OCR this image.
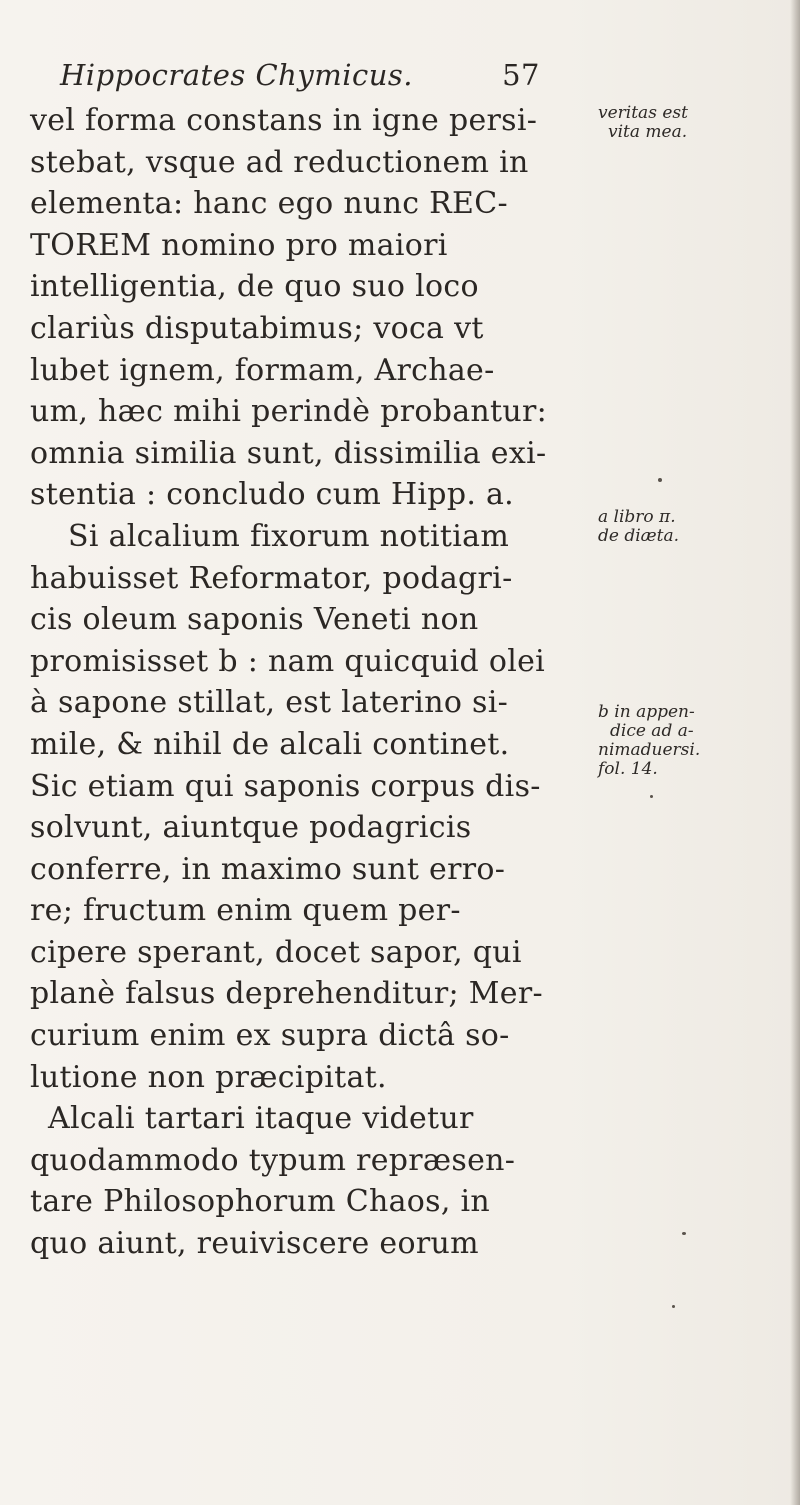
Hippocrates Chymicus.	57
vel forma constans in igne persi-
stebat, vsque ad reductionem in
elementa: hanc ego nunc REC-
TOREM nomino pro maiori
intelligentia, de quo suo loco
clariùs disputabimus; voca vt
lubet ignem, formam, Archae-
um, hæc mihi perindè probantur:
omnia similia sunt, dissimilia exi-
stentia : concludo cum Hipp. a.
Si alcalium fixorum notitiam
habuisset Reformator, podagri-
cis oleum saponis Veneti non
promisisset b : nam quicquid olei
à sapone stillat, est laterino si-
mile, & nihil de alcali continet.
Sic etiam qui saponis corpus dis-
solvunt, aiuntque podagricis
conferre, in maximo sunt erro-
re; fructum enim quem per-
cipere sperant, docet sapor, qui
planè falsus deprehenditur; Mer-
curium enim ex supra dictâ so-
lutione non præcipitat.
Alcali tartari itaque videtur
quodammodo typum repræsen-
tare Philosophorum Chaos, in
quo aiunt, reuiviscere eorum
veritas est
vita mea.
a libro π.
de diæta.
b in appen-
dice ad a-
nimaduersi.
fol. 14.
